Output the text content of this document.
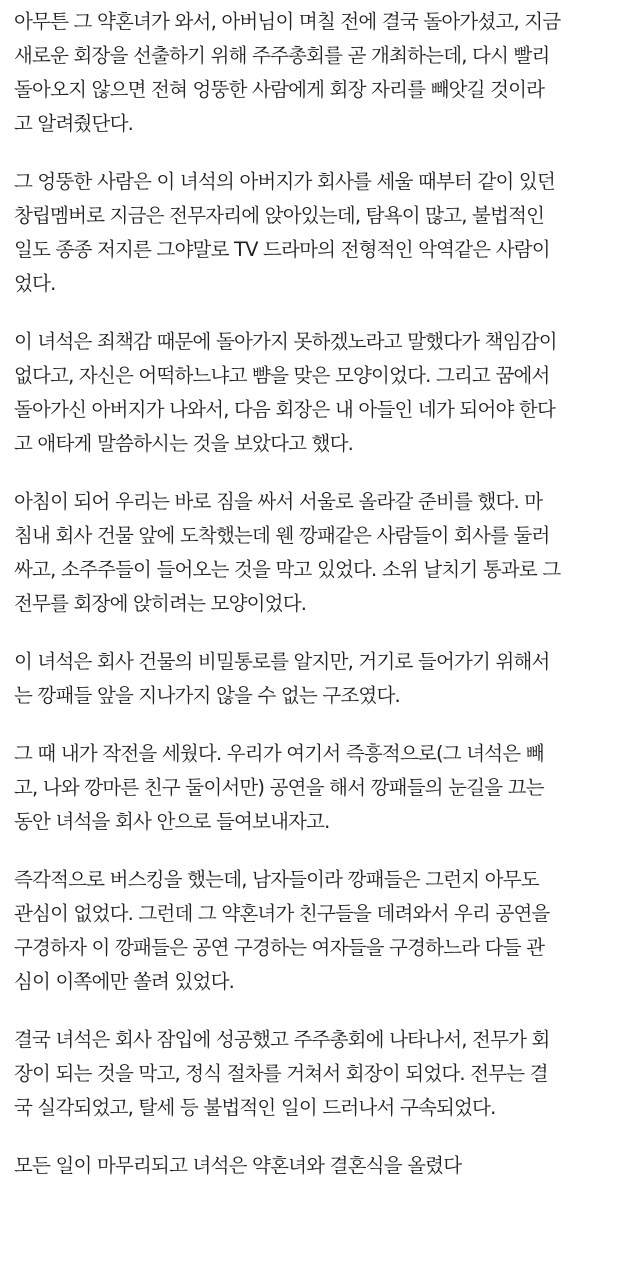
아무튼 그 약혼녀가 와서, 아버님이 며칠 전에 결국 돌아가셨고, 지금
새로운 회장을 선출하기 위해 주주총회를 곧 개최하는데, 다시 빨리
돌아오지 않으면 전혀 엉뚱한 사람에게 회장 자리를 빼앗길 것이라
고 알려줬단다.
그 엉뚱한 사람은 이 녀석의 아버지가 회사를 세울 때부터 같이 있던
창립멤버로 지금은 전무자리에 앉아있는데, 탐욕이 많고, 불법적인
일도 종종 저지른 그야말로 TV 드라마의 전형적인 악역같은 사람이
었다.
이 녀석은 죄책감 때문에 돌아가지 못하겠노라고 말했다가 책임감이
없다고, 자신은 어떡하느냐고 뺨을 맞은 모양이었다. 그리고 꿈에서
돌아가신 아버지가 나와서, 다음 회장은 내 아들인 네가 되어야 한다
고 애타게 말씀하시는 것을 보았다고 했다.
아침이 되어 우리는 바로 짐을 싸서 서울로 올라갈 준비를 했다. 마
침내 회사 건물 앞에 도착했는데 웬 깡패같은 사람들이 회사를 둘러
싸고, 소주주들이 들어오는 것을 막고 있었다. 소위 날치기 통과로 그
전무를 회장에 앉히려는 모양이었다.
이 녀석은 회사 건물의 비밀통로를 알지만, 거기로 들어가기 위해서
는 깡패들 앞을 지나가지 않을 수 없는 구조였다.
그 때 내가 작전을 세웠다. 우리가 여기서 즉흥적으로(그 녀석은 빼
고, 나와 깡마른 친구 둘이서만) 공연을 해서 깡패들의 눈길을 끄는
동안 녀석을 회사 안으로 들여보내자고.
즉각적으로 버스킹을 했는데, 남자들이라 깡패들은 그런지 아무도
관심이 없었다. 그런데 그 약혼녀가 친구들을 데려와서 우리 공연을
구경하자 이 깡패들은 공연 구경하는 여자들을 구경하느라 다들 관
심이 이쪽에만 쏠려 있었다.
결국 녀석은 회사 잠입에 성공했고 주주총회에 나타나서, 전무가 회
장이 되는 것을 막고, 정식 절차를 거쳐서 회장이 되었다. 전무는 결
국 실각되었고, 탈세 등 불법적인 일이 드러나서 구속되었다.
모든 일이 마무리되고 녀석은 약혼녀와 결혼식을 올렸다
